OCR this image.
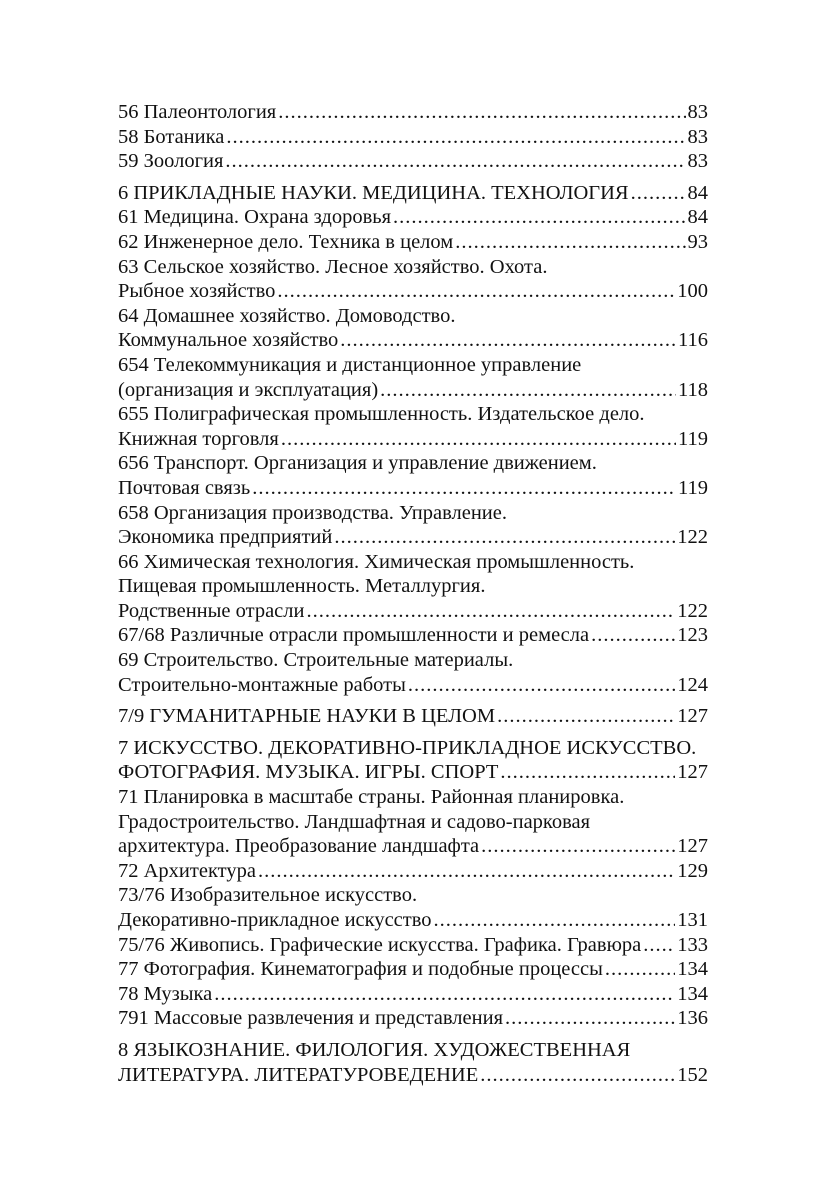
56 Палеонтология .....	83
58 Ботаника .....	83
59 Зоология .....	83
6 ПРИКЛАДНЫЕ НАУКИ. МЕДИЦИНА. ТЕХНОЛОГИЯ .....	84
61 Медицина. Охрана здоровья .....	84
62 Инженерное дело. Техника в целом .....	93
63 Сельское хозяйство. Лесное хозяйство. Охота.
Рыбное хозяйство .....	100
64 Домашнее хозяйство. Домоводство.
Коммунальное хозяйство .....	116
654 Телекоммуникация и дистанционное управление
(организация и эксплуатация) .....	118
655 Полиграфическая промышленность. Издательское дело.
Книжная торговля .....	119
656 Транспорт. Организация и управление движением.
Почтовая связь .....	119
658 Организация производства. Управление.
Экономика предприятий .....	122
66 Химическая технология. Химическая промышленность.
Пищевая промышленность. Металлургия.
Родственные отрасли .....	122
67/68 Различные отрасли промышленности и ремесла .....	123
69 Строительство. Строительные материалы.
Строительно-монтажные работы .....	124
7/9 ГУМАНИТАРНЫЕ НАУКИ В ЦЕЛОМ .....	127
7 ИСКУССТВО. ДЕКОРАТИВНО-ПРИКЛАДНОЕ ИСКУССТВО.
ФОТОГРАФИЯ. МУЗЫКА. ИГРЫ. СПОРТ .....	127
71 Планировка в масштабе страны. Районная планировка.
Градостроительство. Ландшафтная и садово-парковая
архитектура. Преобразование ландшафта .....	127
72 Архитектура .....	129
73/76 Изобразительное искусство.
Декоративно-прикладное искусство .....	131
75/76 Живопись. Графические искусства. Графика. Гравюра ..... 133
77 Фотография. Кинематография и подобные процессы .....	134
78 Музыка .....	134
791 Массовые развлечения и представления .....	136
8 ЯЗЫКОЗНАНИЕ. ФИЛОЛОГИЯ. ХУДОЖЕСТВЕННАЯ
ЛИТЕРАТУРА. ЛИТЕРАТУРОВЕДЕНИЕ .....	152
